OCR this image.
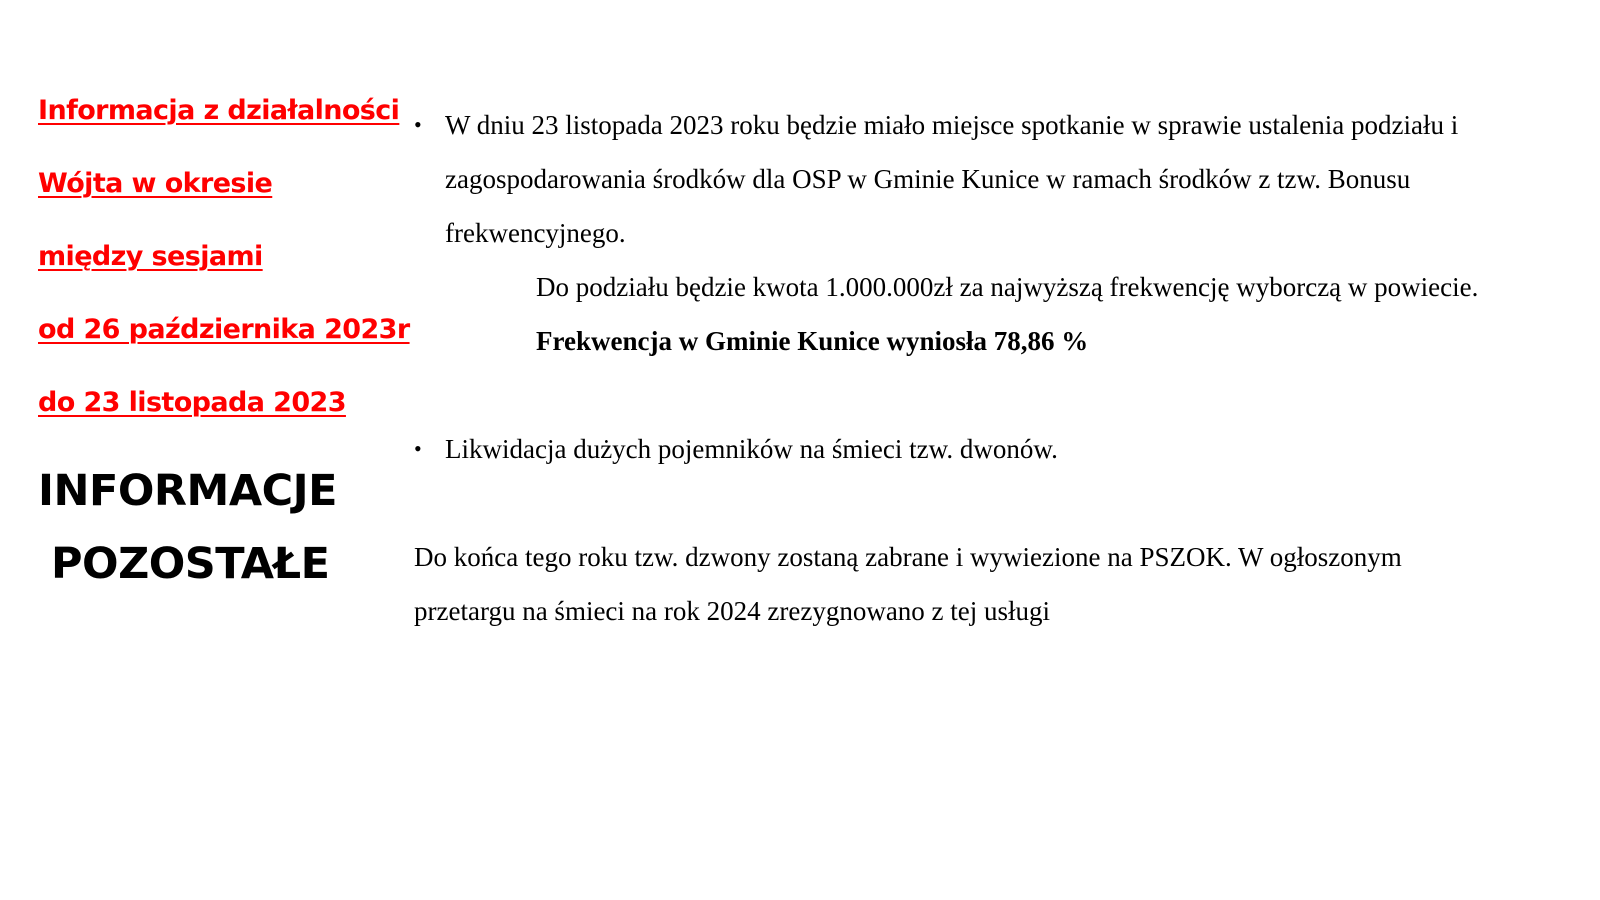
Informacja z działalności
Wójta w okresie
między sesjami
od 26 października 2023r
do 23 listopada 2023
INFORMACJE
POZOSTAŁE
• W dniu 23 listopada 2023 roku będzie miało miejsce spotkanie w sprawie ustalenia podziału i zagospodarowania środków dla OSP w Gminie Kunice w ramach środków z tzw. Bonusu frekwencyjnego.
Do podziału będzie kwota 1.000.000zł za najwyższą frekwencję wyborczą w powiecie.
Frekwencja w Gminie Kunice wyniosła 78,86 %
• Likwidacja dużych pojemników na śmieci tzw. dwonów.
Do końca tego roku tzw. dzwony zostaną zabrane i wywiezione na PSZOK. W ogłoszonym przetargu na śmieci na rok 2024 zrezygnowano z tej usługi
